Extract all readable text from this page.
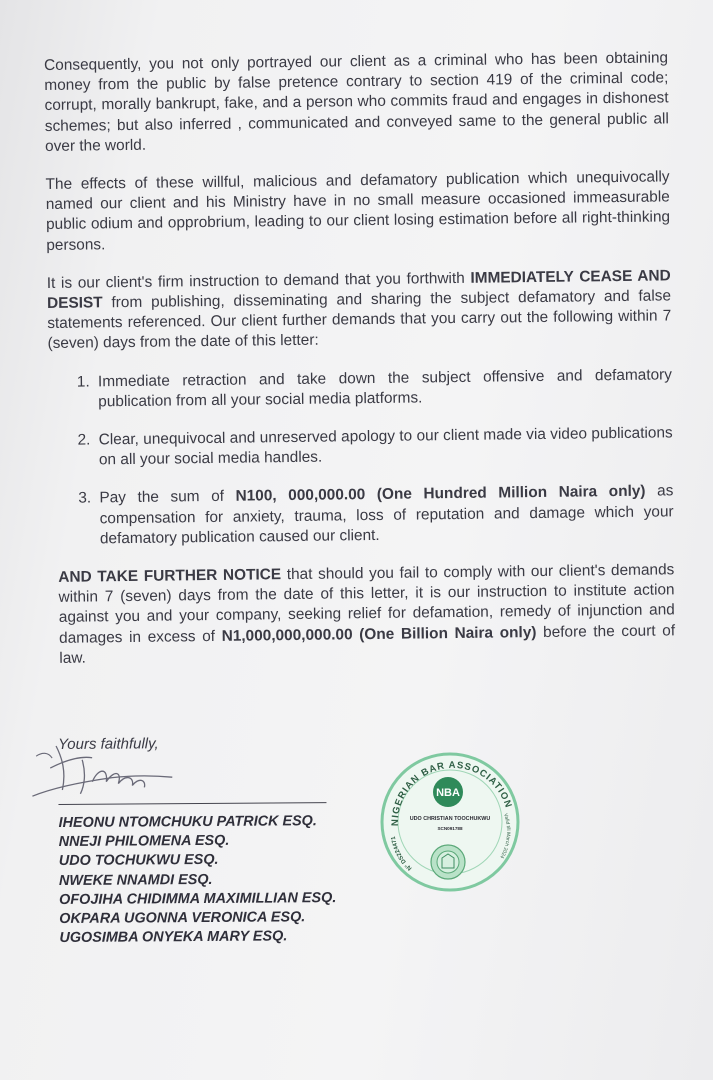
Consequently, you not only portrayed our client as a criminal who has been obtaining money from the public by false pretence contrary to section 419 of the criminal code; corrupt, morally bankrupt, fake, and a person who commits fraud and engages in dishonest schemes; but also inferred , communicated and conveyed same to the general public all over the world.

The effects of these willful, malicious and defamatory publication which unequivocally named our client and his Ministry have in no small measure occasioned immeasurable public odium and opprobrium, leading to our client losing estimation before all right-thinking persons.

It is our client's firm instruction to demand that you forthwith IMMEDIATELY CEASE AND DESIST from publishing, disseminating and sharing the subject defamatory and false statements referenced. Our client further demands that you carry out the following within 7 (seven) days from the date of this letter:

1. Immediate retraction and take down the subject offensive and defamatory publication from all your social media platforms.
2. Clear, unequivocal and unreserved apology to our client made via video publications on all your social media handles.
3. Pay the sum of N100, 000,000.00 (One Hundred Million Naira only) as compensation for anxiety, trauma, loss of reputation and damage which your defamatory publication caused our client.

AND TAKE FURTHER NOTICE that should you fail to comply with our client's demands within 7 (seven) days from the date of this letter, it is our instruction to institute action against you and your company, seeking relief for defamation, remedy of injunction and damages in excess of N1,000,000,000.00 (One Billion Naira only) before the court of law.

Yours faithfully,
IHEONU NTOMCHUKU PATRICK ESQ.
NNEJI PHILOMENA ESQ.
UDO TOCHUKWU ESQ.
NWEKE NNAMDI ESQ.
OFOJIHA CHIDIMMA MAXIMILLIAN ESQ.
OKPARA UGONNA VERONICA ESQ.
UGOSIMBA ONYEKA MARY ESQ.
NIGERIAN BAR ASSOCIATION
N° DS224471
Valid till March 2024
NBA
UDO CHRISTIAN TOOCHUKWU
SCN091788
